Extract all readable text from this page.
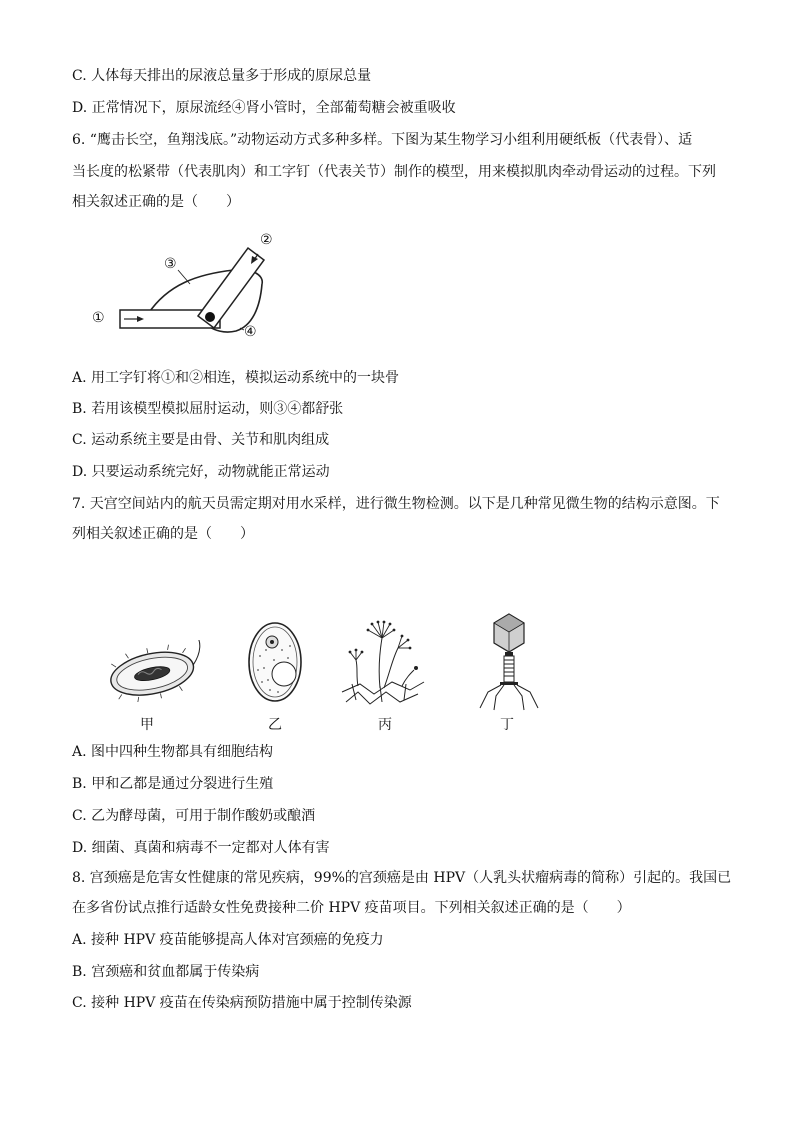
C. 人体每天排出的尿液总量多于形成的原尿总量
D. 正常情况下，原尿流经④肾小管时，全部葡萄糖会被重吸收
6. “鹰击长空，鱼翔浅底。”动物运动方式多种多样。下图为某生物学习小组利用硬纸板（代表骨）、适
当长度的松紧带（代表肌肉）和工字钉（代表关节）制作的模型，用来模拟肌肉牵动骨运动的过程。下列
相关叙述正确的是（　　）
①
②
③
④
A. 用工字钉将①和②相连，模拟运动系统中的一块骨
B. 若用该模型模拟屈肘运动，则③④都舒张
C. 运动系统主要是由骨、关节和肌肉组成
D. 只要运动系统完好，动物就能正常运动
7. 天宫空间站内的航天员需定期对用水采样，进行微生物检测。以下是几种常见微生物的结构示意图。下
列相关叙述正确的是（　　）
甲	乙	丙	丁
A. 图中四种生物都具有细胞结构
B. 甲和乙都是通过分裂进行生殖
C. 乙为酵母菌，可用于制作酸奶或酿酒
D. 细菌、真菌和病毒不一定都对人体有害
8. 宫颈癌是危害女性健康的常见疾病，99%的宫颈癌是由 HPV（人乳头状瘤病毒的简称）引起的。我国已
在多省份试点推行适龄女性免费接种二价 HPV 疫苗项目。下列相关叙述正确的是（　　）
A. 接种 HPV 疫苗能够提高人体对宫颈癌的免疫力
B. 宫颈癌和贫血都属于传染病
C. 接种 HPV 疫苗在传染病预防措施中属于控制传染源
